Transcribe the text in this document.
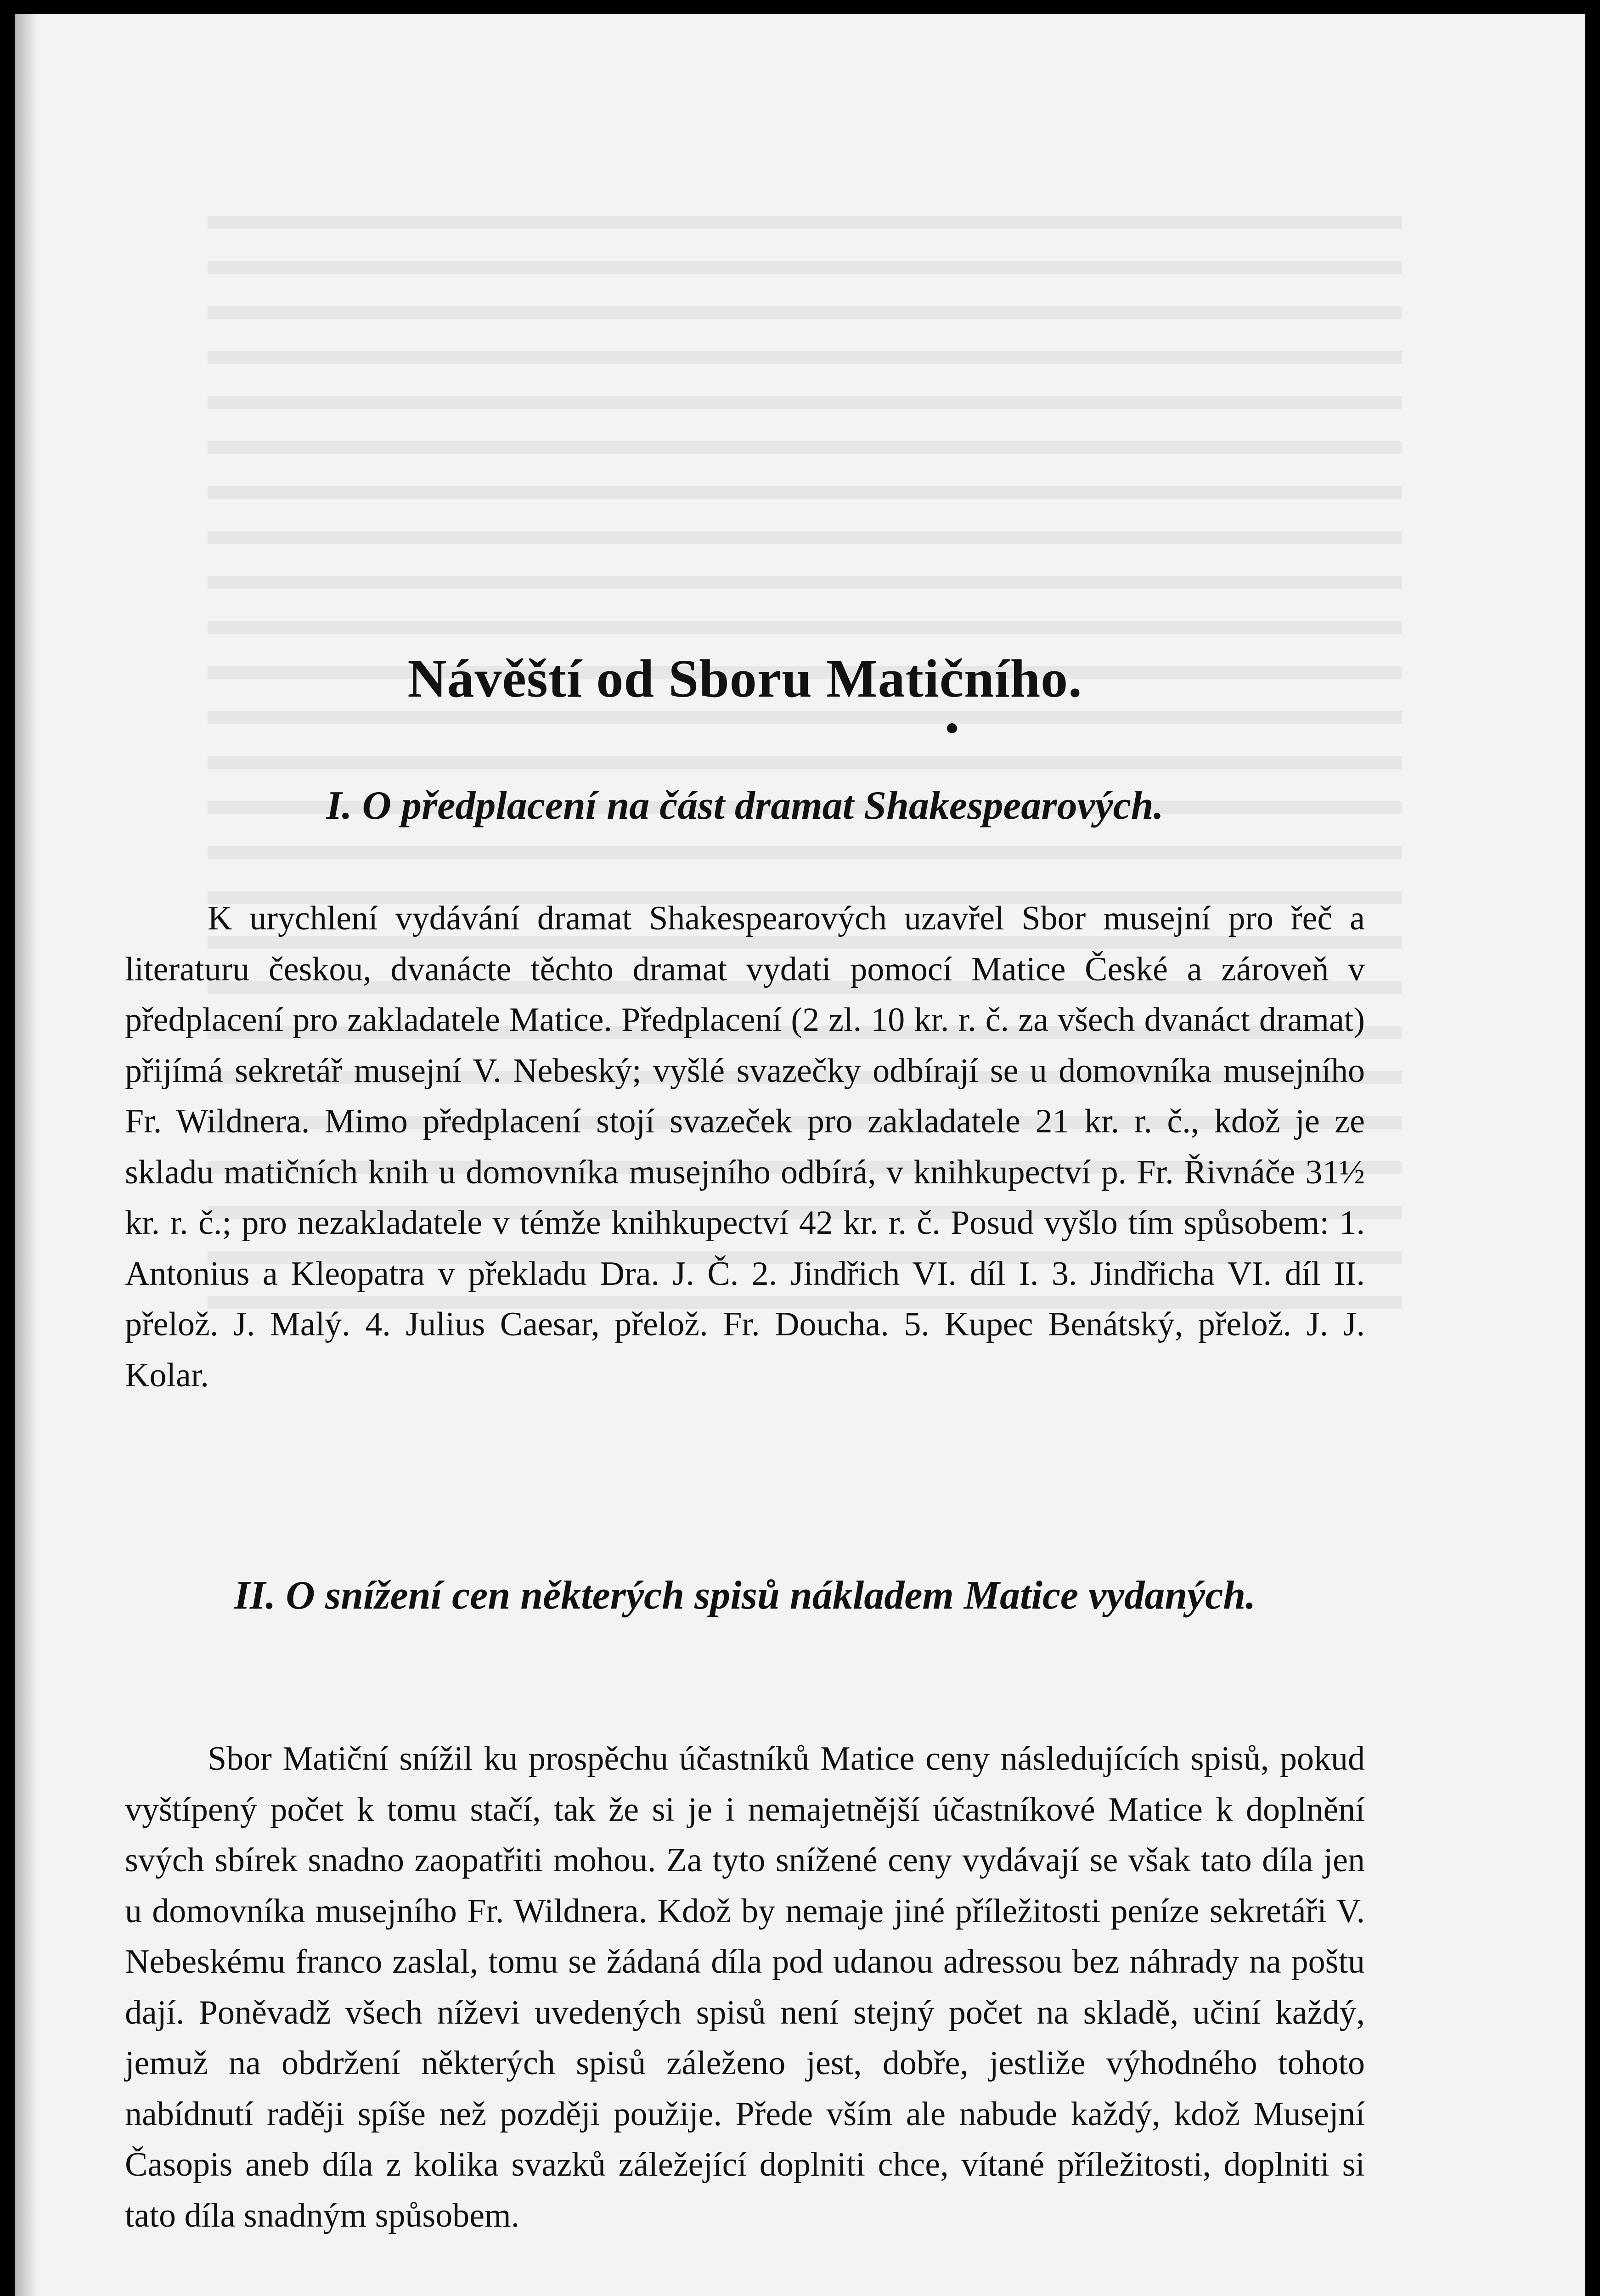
Návěští od Sboru Matičního.
I. O předplacení na část dramat Shakespearových.

K urychlení vydávání dramat Shakespearových uzavřel Sbor musejní pro řeč a literaturu českou, dvanácte těchto dramat vydati pomocí Matice České a zároveň v předplacení pro zakladatele Matice. Předplacení (2 zl. 10 kr. r. č. za všech dvanáct dramat) přijímá sekretář musejní V. Nebeský; vyšlé svazečky odbírají se u domovníka musejního Fr. Wildnera. Mimo předplacení stojí svazeček pro zakladatele 21 kr. r. č., kdož je ze skladu matičních knih u domovníka musejního odbírá, v knihkupectví p. Fr. Řivnáče 31½ kr. r. č.; pro nezakladatele v témže knihkupectví 42 kr. r. č. Posud vyšlo tím spůsobem: 1. Antonius a Kleopatra v překladu Dra. J. Č. 2. Jindřich VI. díl I. 3. Jindřicha VI. díl II. přelož. J. Malý. 4. Julius Caesar, přelož. Fr. Doucha. 5. Kupec Benátský, přelož. J. J. Kolar.

II. O snížení cen některých spisů nákladem Matice vydaných.

Sbor Matiční snížil ku prospěchu účastníků Matice ceny následujících spisů, pokud vyštípený počet k tomu stačí, tak že si je i nemajetnější účastníkové Matice k doplnění svých sbírek snadno zaopatřiti mohou. Za tyto snížené ceny vydávají se však tato díla jen u domovníka musejního Fr. Wildnera. Kdož by nemaje jiné příležitosti peníze sekretáři V. Nebeskému franco zaslal, tomu se žádaná díla pod udanou adressou bez náhrady na poštu dají. Poněvadž všech níževi uvedených spisů není stejný počet na skladě, učiní každý, jemuž na obdržení některých spisů záleženo jest, dobře, jestliže výhodného tohoto nabídnutí raději spíše než později použije. Přede vším ale nabude každý, kdož Musejní Časopis aneb díla z kolika svazků záležející doplniti chce, vítané příležitosti, doplniti si tato díla snadným spůsobem.
